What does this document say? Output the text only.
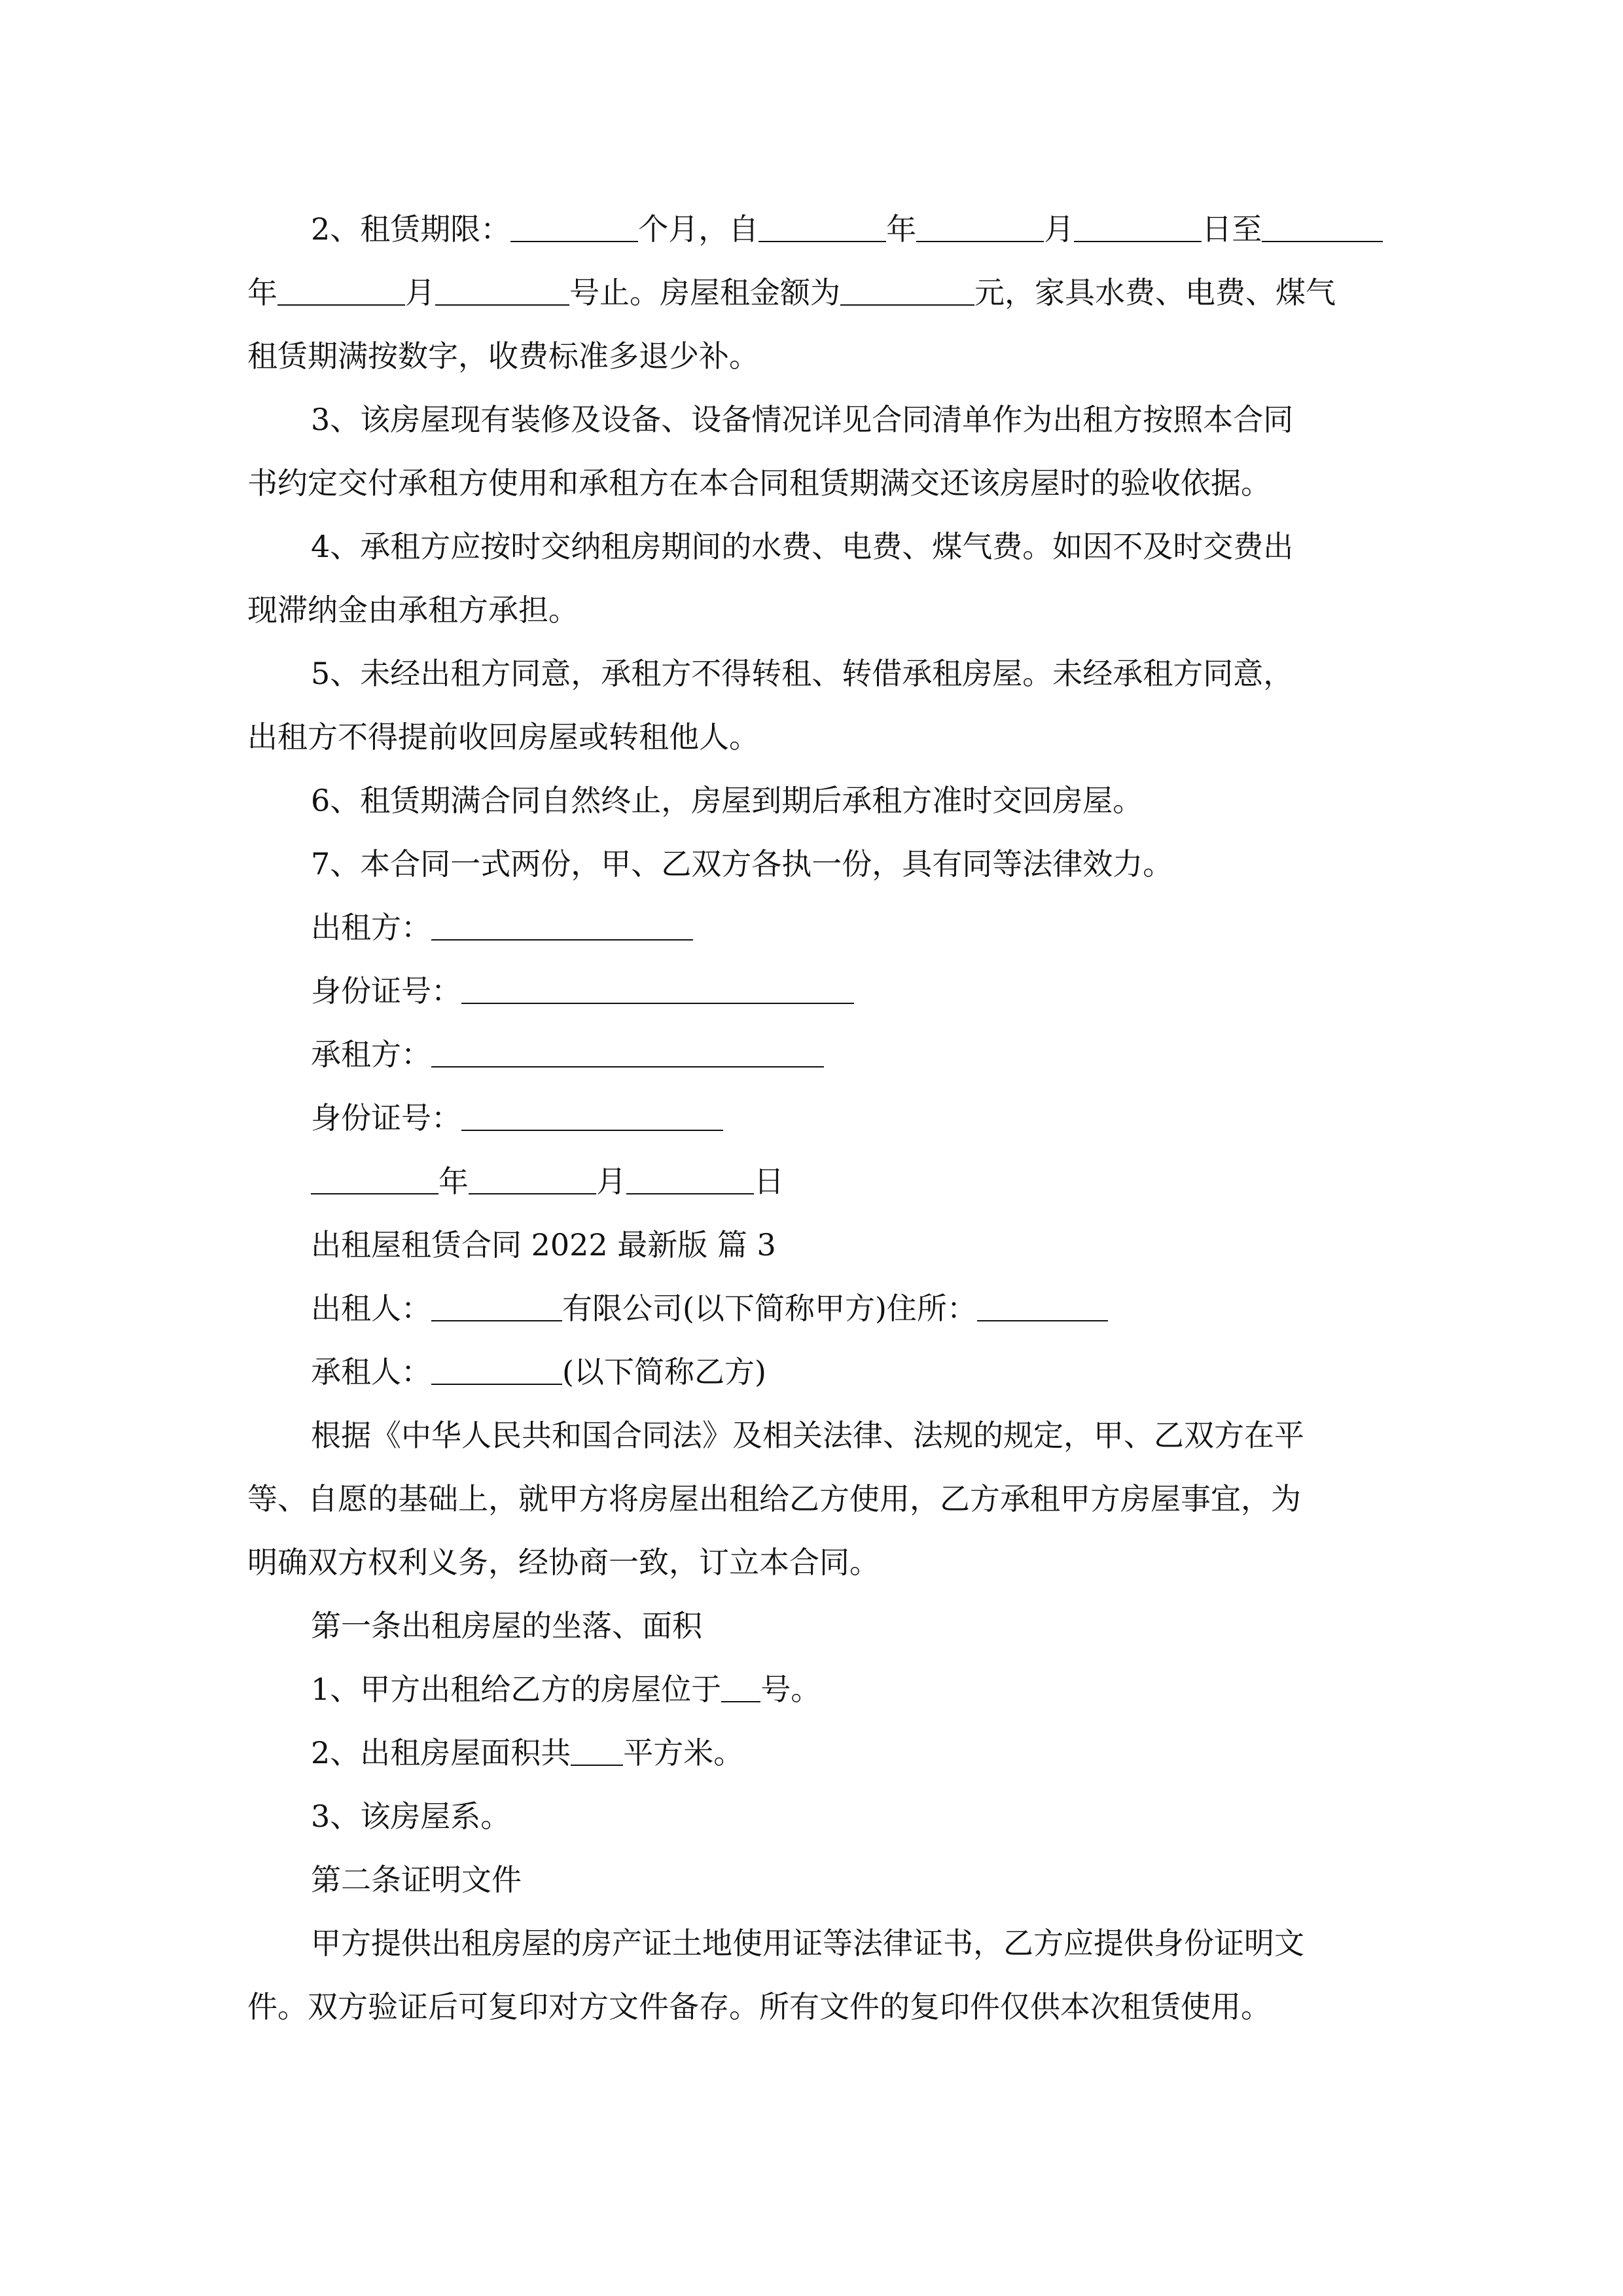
2、租赁期限：	个月，自	年	月	日至
年	月	号止。房屋租金额为	元，家具水费、电费、煤气
租赁期满按数字，收费标准多退少补。
3、该房屋现有装修及设备、设备情况详见合同清单作为出租方按照本合同
书约定交付承租方使用和承租方在本合同租赁期满交还该房屋时的验收依据。
4、承租方应按时交纳租房期间的水费、电费、煤气费。如因不及时交费出
现滞纳金由承租方承担。
5、未经出租方同意，承租方不得转租、转借承租房屋。未经承租方同意，
出租方不得提前收回房屋或转租他人。
6、租赁期满合同自然终止，房屋到期后承租方准时交回房屋。
7、本合同一式两份，甲、乙双方各执一份，具有同等法律效力。
出租方：
身份证号：
承租方：
身份证号：
年	月	日
出租屋租赁合同 2022 最新版 篇 3
出租人：	有限公司(以下简称甲方)住所：
承租人：	(以下简称乙方)
根据《中华人民共和国合同法》及相关法律、法规的规定，甲、乙双方在平
等、自愿的基础上，就甲方将房屋出租给乙方使用，乙方承租甲方房屋事宜，为
明确双方权利义务，经协商一致，订立本合同。
第一条出租房屋的坐落、面积
1、甲方出租给乙方的房屋位于 号。
2、出租房屋面积共 平方米。
3、该房屋系。
第二条证明文件
甲方提供出租房屋的房产证土地使用证等法律证书，乙方应提供身份证明文
件。双方验证后可复印对方文件备存。所有文件的复印件仅供本次租赁使用。
